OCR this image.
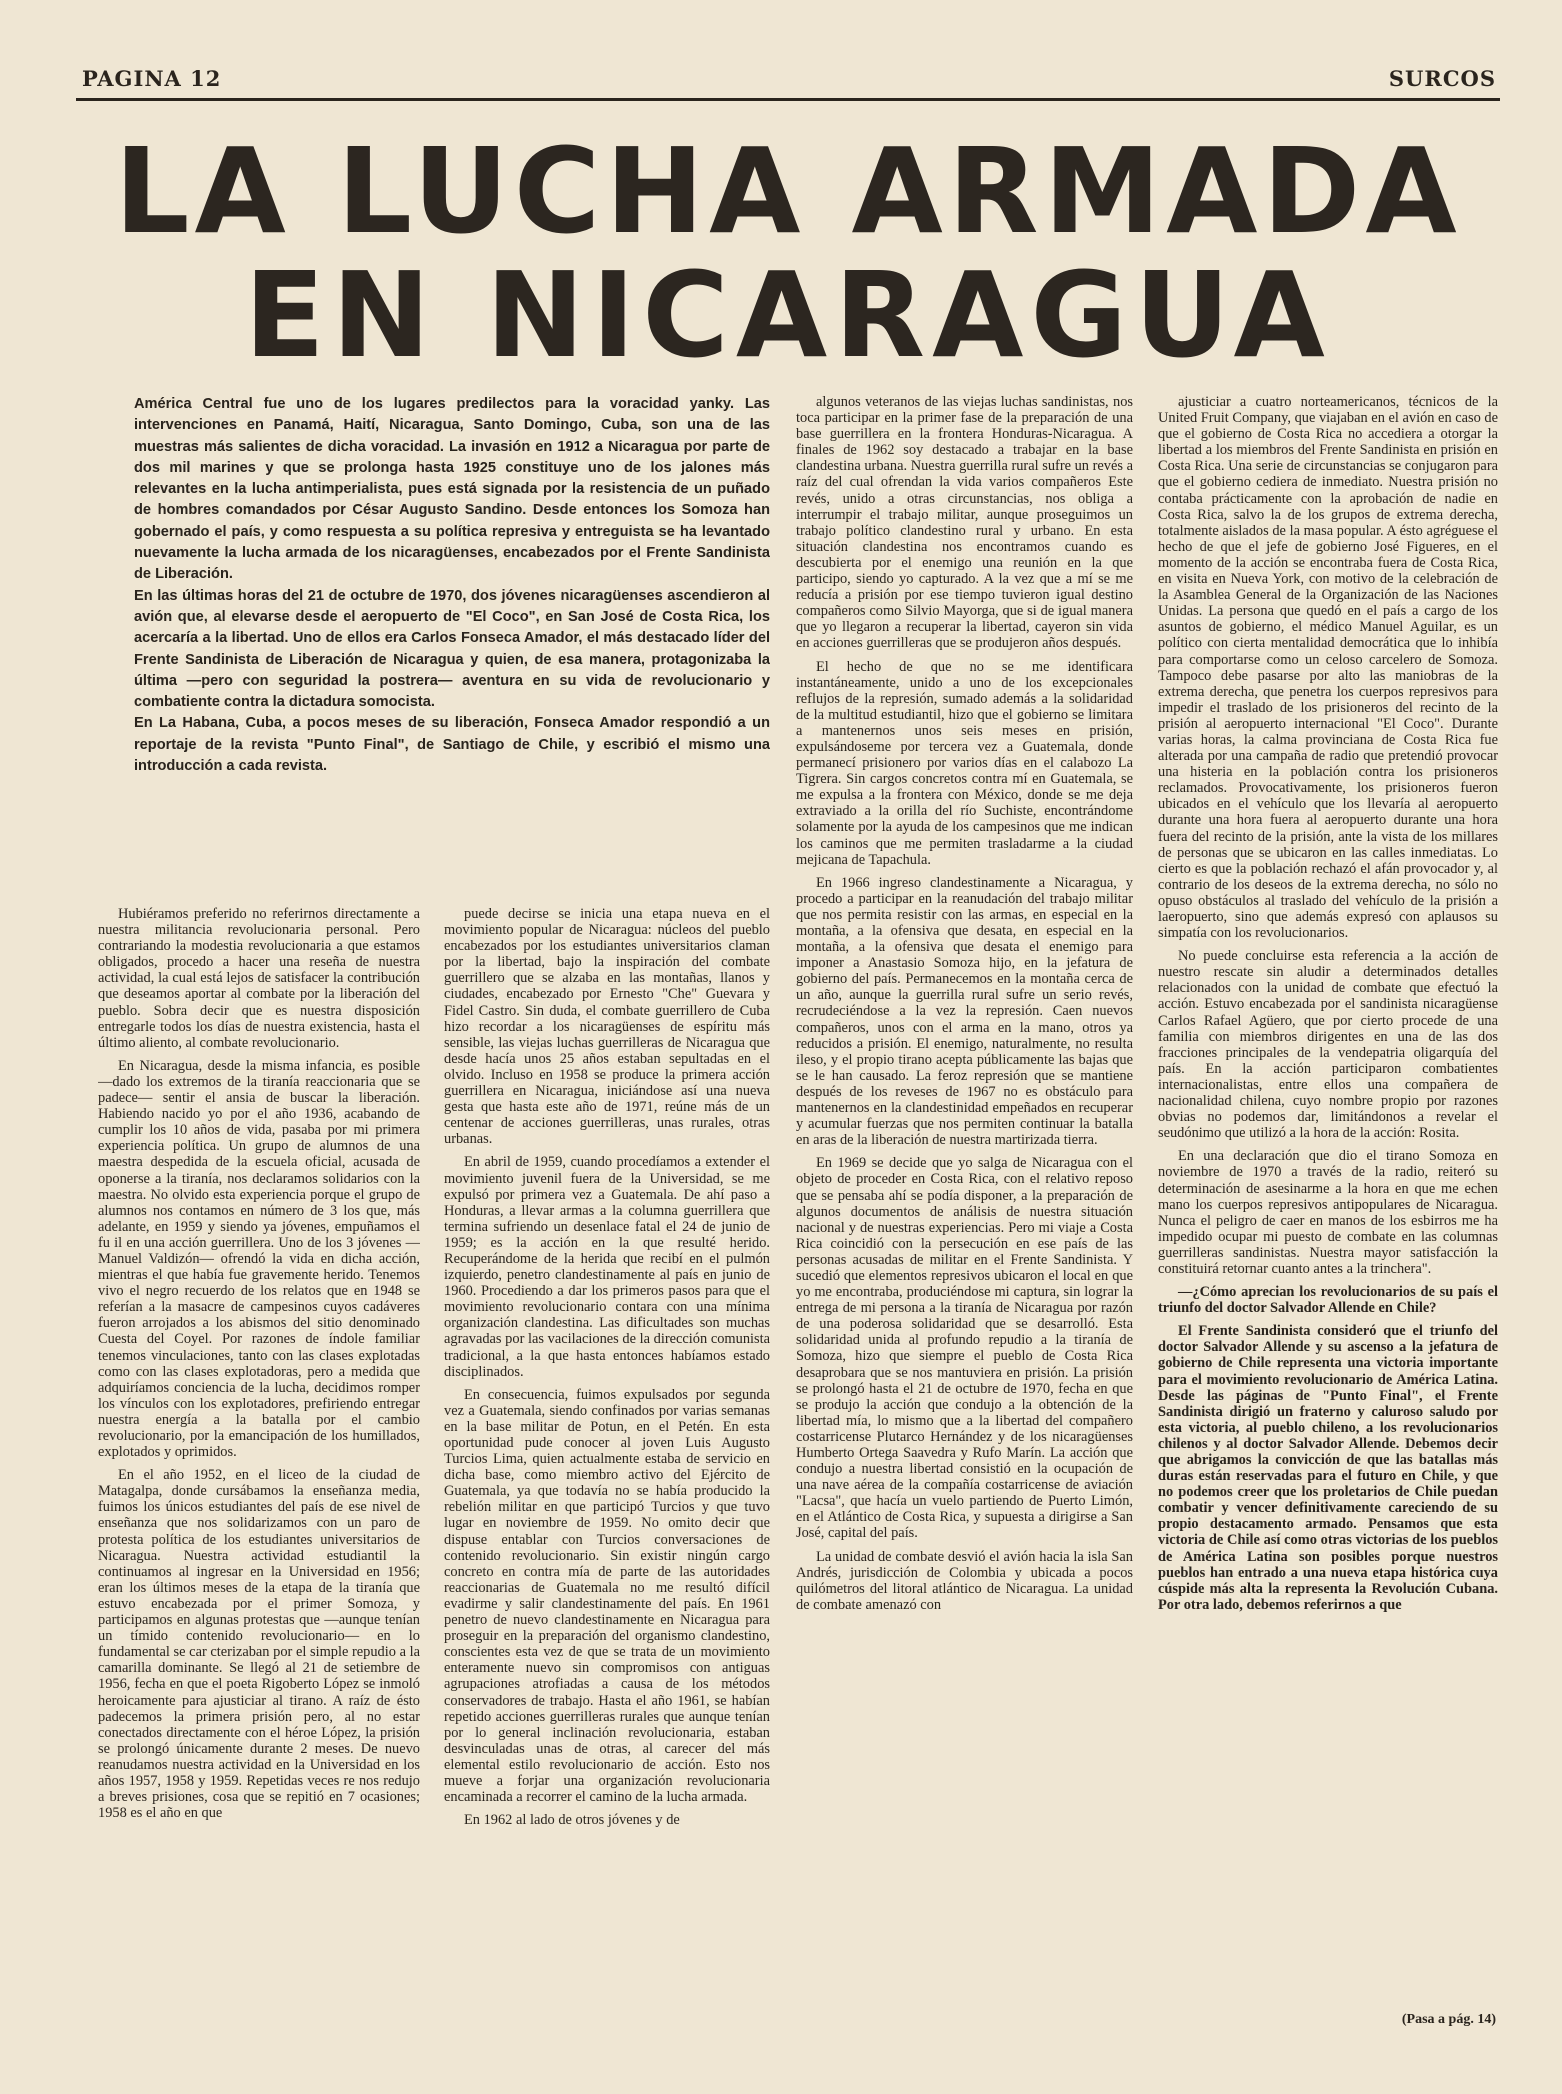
PAGINA 12	SURCOS
LA LUCHA ARMADA
EN NICARAGUA

América Central fue uno de los lugares predilectos para la voracidad yanky. Las intervenciones en Panamá, Haití, Nicaragua, Santo Domingo, Cuba, son una de las muestras más salientes de dicha voracidad. La invasión en 1912 a Nicaragua por parte de dos mil marines y que se prolonga hasta 1925 constituye uno de los jalones más relevantes en la lucha antimperialista, pues está signada por la resistencia de un puñado de hombres comandados por César Augusto Sandino. Desde entonces los Somoza han gobernado el país, y como respuesta a su política represiva y entreguista se ha levantado nuevamente la lucha armada de los nicaragüenses, encabezados por el Frente Sandinista de Liberación.

En las últimas horas del 21 de octubre de 1970, dos jóvenes nicaragüenses ascendieron al avión que, al elevarse desde el aeropuerto de "El Coco", en San José de Costa Rica, los acercaría a la libertad. Uno de ellos era Carlos Fonseca Amador, el más destacado líder del Frente Sandinista de Liberación de Nicaragua y quien, de esa manera, protagonizaba la última —pero con seguridad la postrera— aventura en su vida de revolucionario y combatiente contra la dictadura somocista.

En La Habana, Cuba, a pocos meses de su liberación, Fonseca Amador respondió a un reportaje de la revista "Punto Final", de Santiago de Chile, y escribió el mismo una introducción a cada revista.

Hubiéramos preferido no referirnos directamente a nuestra militancia revolucionaria personal. Pero contrariando la modestia revolucionaria a que estamos obligados, procedo a hacer una reseña de nuestra actividad, la cual está lejos de satisfacer la contribución que deseamos aportar al combate por la liberación del pueblo. Sobra decir que es nuestra disposición entregarle todos los días de nuestra existencia, hasta el último aliento, al combate revolucionario.

En Nicaragua, desde la misma infancia, es posible —dado los extremos de la tiranía reaccionaria que se padece— sentir el ansia de buscar la liberación. Habiendo nacido yo por el año 1936, acabando de cumplir los 10 años de vida, pasaba por mi primera experiencia política. Un grupo de alumnos de una maestra despedida de la escuela oficial, acusada de oponerse a la tiranía, nos declaramos solidarios con la maestra. No olvido esta experiencia porque el grupo de alumnos nos contamos en número de 3 los que, más adelante, en 1959 y siendo ya jóvenes, empuñamos el fu il en una acción guerrillera. Uno de los 3 jóvenes —Manuel Valdizón— ofrendó la vida en dicha acción, mientras el que había fue gravemente herido. Tenemos vivo el negro recuerdo de los relatos que en 1948 se referían a la masacre de campesinos cuyos cadáveres fueron arrojados a los abismos del sitio denominado Cuesta del Coyel. Por razones de índole familiar tenemos vinculaciones, tanto con las clases explotadas como con las clases explotadoras, pero a medida que adquiríamos conciencia de la lucha, decidimos romper los vínculos con los explotadores, prefiriendo entregar nuestra energía a la batalla por el cambio revolucionario, por la emancipación de los humillados, explotados y oprimidos.

En el año 1952, en el liceo de la ciudad de Matagalpa, donde cursábamos la enseñanza media, fuimos los únicos estudiantes del país de ese nivel de enseñanza que nos solidarizamos con un paro de protesta política de los estudiantes universitarios de Nicaragua. Nuestra actividad estudiantil la continuamos al ingresar en la Universidad en 1956; eran los últimos meses de la etapa de la tiranía que estuvo encabezada por el primer Somoza, y participamos en algunas protestas que —aunque tenían un tímido contenido revolucionario— en lo fundamental se car cterizaban por el simple repudio a la camarilla dominante. Se llegó al 21 de setiembre de 1956, fecha en que el poeta Rigoberto López se inmoló heroicamente para ajusticiar al tirano. A raíz de ésto padecemos la primera prisión pero, al no estar conectados directamente con el héroe López, la prisión se prolongó únicamente durante 2 meses. De nuevo reanudamos nuestra actividad en la Universidad en los años 1957, 1958 y 1959. Repetidas veces re nos redujo a breves prisiones, cosa que se repitió en 7 ocasiones; 1958 es el año en que

puede decirse se inicia una etapa nueva en el movimiento popular de Nicaragua: núcleos del pueblo encabezados por los estudiantes universitarios claman por la libertad, bajo la inspiración del combate guerrillero que se alzaba en las montañas, llanos y ciudades, encabezado por Ernesto "Che" Guevara y Fidel Castro. Sin duda, el combate guerrillero de Cuba hizo recordar a los nicaragüenses de espíritu más sensible, las viejas luchas guerrilleras de Nicaragua que desde hacía unos 25 años estaban sepultadas en el olvido. Incluso en 1958 se produce la primera acción guerrillera en Nicaragua, iniciándose así una nueva gesta que hasta este año de 1971, reúne más de un centenar de acciones guerrilleras, unas rurales, otras urbanas.

En abril de 1959, cuando procedíamos a extender el movimiento juvenil fuera de la Universidad, se me expulsó por primera vez a Guatemala. De ahí paso a Honduras, a llevar armas a la columna guerrillera que termina sufriendo un desenlace fatal el 24 de junio de 1959; es la acción en la que resulté herido. Recuperándome de la herida que recibí en el pulmón izquierdo, penetro clandestinamente al país en junio de 1960. Procediendo a dar los primeros pasos para que el movimiento revolucionario contara con una mínima organización clandestina. Las dificultades son muchas agravadas por las vacilaciones de la dirección comunista tradicional, a la que hasta entonces habíamos estado disciplinados.

En consecuencia, fuimos expulsados por segunda vez a Guatemala, siendo confinados por varias semanas en la base militar de Potun, en el Petén. En esta oportunidad pude conocer al joven Luis Augusto Turcios Lima, quien actualmente estaba de servicio en dicha base, como miembro activo del Ejército de Guatemala, ya que todavía no se había producido la rebelión militar en que participó Turcios y que tuvo lugar en noviembre de 1959. No omito decir que dispuse entablar con Turcios conversaciones de contenido revolucionario. Sin existir ningún cargo concreto en contra mía de parte de las autoridades reaccionarias de Guatemala no me resultó difícil evadirme y salir clandestinamente del país. En 1961 penetro de nuevo clandestinamente en Nicaragua para proseguir en la preparación del organismo clandestino, conscientes esta vez de que se trata de un movimiento enteramente nuevo sin compromisos con antiguas agrupaciones atrofiadas a causa de los métodos conservadores de trabajo. Hasta el año 1961, se habían repetido acciones guerrilleras rurales que aunque tenían por lo general inclinación revolucionaria, estaban desvinculadas unas de otras, al carecer del más elemental estilo revolucionario de acción. Esto nos mueve a forjar una organización revolucionaria encaminada a recorrer el camino de la lucha armada.

En 1962 al lado de otros jóvenes y de

algunos veteranos de las viejas luchas sandinistas, nos toca participar en la primer fase de la preparación de una base guerrillera en la frontera Honduras-Nicaragua. A finales de 1962 soy destacado a trabajar en la base clandestina urbana. Nuestra guerrilla rural sufre un revés a raíz del cual ofrendan la vida varios compañeros Este revés, unido a otras circunstancias, nos obliga a interrumpir el trabajo militar, aunque proseguimos un trabajo político clandestino rural y urbano. En esta situación clandestina nos encontramos cuando es descubierta por el enemigo una reunión en la que participo, siendo yo capturado. A la vez que a mí se me reducía a prisión por ese tiempo tuvieron igual destino compañeros como Silvio Mayorga, que si de igual manera que yo llegaron a recuperar la libertad, cayeron sin vida en acciones guerrilleras que se produjeron años después.

El hecho de que no se me identificara instantáneamente, unido a uno de los excepcionales reflujos de la represión, sumado además a la solidaridad de la multitud estudiantil, hizo que el gobierno se limitara a mantenernos unos seis meses en prisión, expulsándoseme por tercera vez a Guatemala, donde permanecí prisionero por varios días en el calabozo La Tigrera. Sin cargos concretos contra mí en Guatemala, se me expulsa a la frontera con México, donde se me deja extraviado a la orilla del río Suchiste, encontrándome solamente por la ayuda de los campesinos que me indican los caminos que me permiten trasladarme a la ciudad mejicana de Tapachula.

En 1966 ingreso clandestinamente a Nicaragua, y procedo a participar en la reanudación del trabajo militar que nos permita resistir con las armas, en especial en la montaña, a la ofensiva que desata, en especial en la montaña, a la ofensiva que desata el enemigo para imponer a Anastasio Somoza hijo, en la jefatura de gobierno del país. Permanecemos en la montaña cerca de un año, aunque la guerrilla rural sufre un serio revés, recrudeciéndose a la vez la represión. Caen nuevos compañeros, unos con el arma en la mano, otros ya reducidos a prisión. El enemigo, naturalmente, no resulta ileso, y el propio tirano acepta públicamente las bajas que se le han causado. La feroz represión que se mantiene después de los reveses de 1967 no es obstáculo para mantenernos en la clandestinidad empeñados en recuperar y acumular fuerzas que nos permiten continuar la batalla en aras de la liberación de nuestra martirizada tierra.

En 1969 se decide que yo salga de Nicaragua con el objeto de proceder en Costa Rica, con el relativo reposo que se pensaba ahí se podía disponer, a la preparación de algunos documentos de análisis de nuestra situación nacional y de nuestras experiencias. Pero mi viaje a Costa Rica coincidió con la persecución en ese país de las personas acusadas de militar en el Frente Sandinista. Y sucedió que elementos represivos ubicaron el local en que yo me encontraba, produciéndose mi captura, sin lograr la entrega de mi persona a la tiranía de Nicaragua por razón de una poderosa solidaridad que se desarrolló. Esta solidaridad unida al profundo repudio a la tiranía de Somoza, hizo que siempre el pueblo de Costa Rica desaprobara que se nos mantuviera en prisión. La prisión se prolongó hasta el 21 de octubre de 1970, fecha en que se produjo la acción que condujo a la obtención de la libertad mía, lo mismo que a la libertad del compañero costarricense Plutarco Hernández y de los nicaragüenses Humberto Ortega Saavedra y Rufo Marín. La acción que condujo a nuestra libertad consistió en la ocupación de una nave aérea de la compañía costarricense de aviación "Lacsa", que hacía un vuelo partiendo de Puerto Limón, en el Atlántico de Costa Rica, y supuesta a dirigirse a San José, capital del país.

La unidad de combate desvió el avión hacia la isla San Andrés, jurisdicción de Colombia y ubicada a pocos quilómetros del litoral atlántico de Nicaragua. La unidad de combate amenazó con

ajusticiar a cuatro norteamericanos, técnicos de la United Fruit Company, que viajaban en el avión en caso de que el gobierno de Costa Rica no accediera a otorgar la libertad a los miembros del Frente Sandinista en prisión en Costa Rica. Una serie de circunstancias se conjugaron para que el gobierno cediera de inmediato. Nuestra prisión no contaba prácticamente con la aprobación de nadie en Costa Rica, salvo la de los grupos de extrema derecha, totalmente aislados de la masa popular. A ésto agréguese el hecho de que el jefe de gobierno José Figueres, en el momento de la acción se encontraba fuera de Costa Rica, en visita en Nueva York, con motivo de la celebración de la Asamblea General de la Organización de las Naciones Unidas. La persona que quedó en el país a cargo de los asuntos de gobierno, el médico Manuel Aguilar, es un político con cierta mentalidad democrática que lo inhibía para comportarse como un celoso carcelero de Somoza. Tampoco debe pasarse por alto las maniobras de la extrema derecha, que penetra los cuerpos represivos para impedir el traslado de los prisioneros del recinto de la prisión al aeropuerto internacional "El Coco". Durante varias horas, la calma provinciana de Costa Rica fue alterada por una campaña de radio que pretendió provocar una histeria en la población contra los prisioneros reclamados. Provocativamente, los prisioneros fueron ubicados en el vehículo que los llevaría al aeropuerto durante una hora fuera al aeropuerto durante una hora fuera del recinto de la prisión, ante la vista de los millares de personas que se ubicaron en las calles inmediatas. Lo cierto es que la población rechazó el afán provocador y, al contrario de los deseos de la extrema derecha, no sólo no opuso obstáculos al traslado del vehículo de la prisión a laeropuerto, sino que además expresó con aplausos su simpatía con los revolucionarios.

No puede concluirse esta referencia a la acción de nuestro rescate sin aludir a determinados detalles relacionados con la unidad de combate que efectuó la acción. Estuvo encabezada por el sandinista nicaragüense Carlos Rafael Agüero, que por cierto procede de una familia con miembros dirigentes en una de las dos fracciones principales de la vendepatria oligarquía del país. En la acción participaron combatientes internacionalistas, entre ellos una compañera de nacionalidad chilena, cuyo nombre propio por razones obvias no podemos dar, limitándonos a revelar el seudónimo que utilizó a la hora de la acción: Rosita.

En una declaración que dio el tirano Somoza en noviembre de 1970 a través de la radio, reiteró su determinación de asesinarme a la hora en que me echen mano los cuerpos represivos antipopulares de Nicaragua. Nunca el peligro de caer en manos de los esbirros me ha impedido ocupar mi puesto de combate en las columnas guerrilleras sandinistas. Nuestra mayor satisfacción la constituirá retornar cuanto antes a la trinchera".

—¿Cómo aprecian los revolucionarios de su país el triunfo del doctor Salvador Allende en Chile?

El Frente Sandinista consideró que el triunfo del doctor Salvador Allende y su ascenso a la jefatura de gobierno de Chile representa una victoria importante para el movimiento revolucionario de América Latina. Desde las páginas de "Punto Final", el Frente Sandinista dirigió un fraterno y caluroso saludo por esta victoria, al pueblo chileno, a los revolucionarios chilenos y al doctor Salvador Allende. Debemos decir que abrigamos la convicción de que las batallas más duras están reservadas para el futuro en Chile, y que no podemos creer que los proletarios de Chile puedan combatir y vencer definitivamente careciendo de su propio destacamento armado. Pensamos que esta victoria de Chile así como otras victorias de los pueblos de América Latina son posibles porque nuestros pueblos han entrado a una nueva etapa histórica cuya cúspide más alta la representa la Revolución Cubana. Por otra lado, debemos referirnos a que

(Pasa a pág. 14)
